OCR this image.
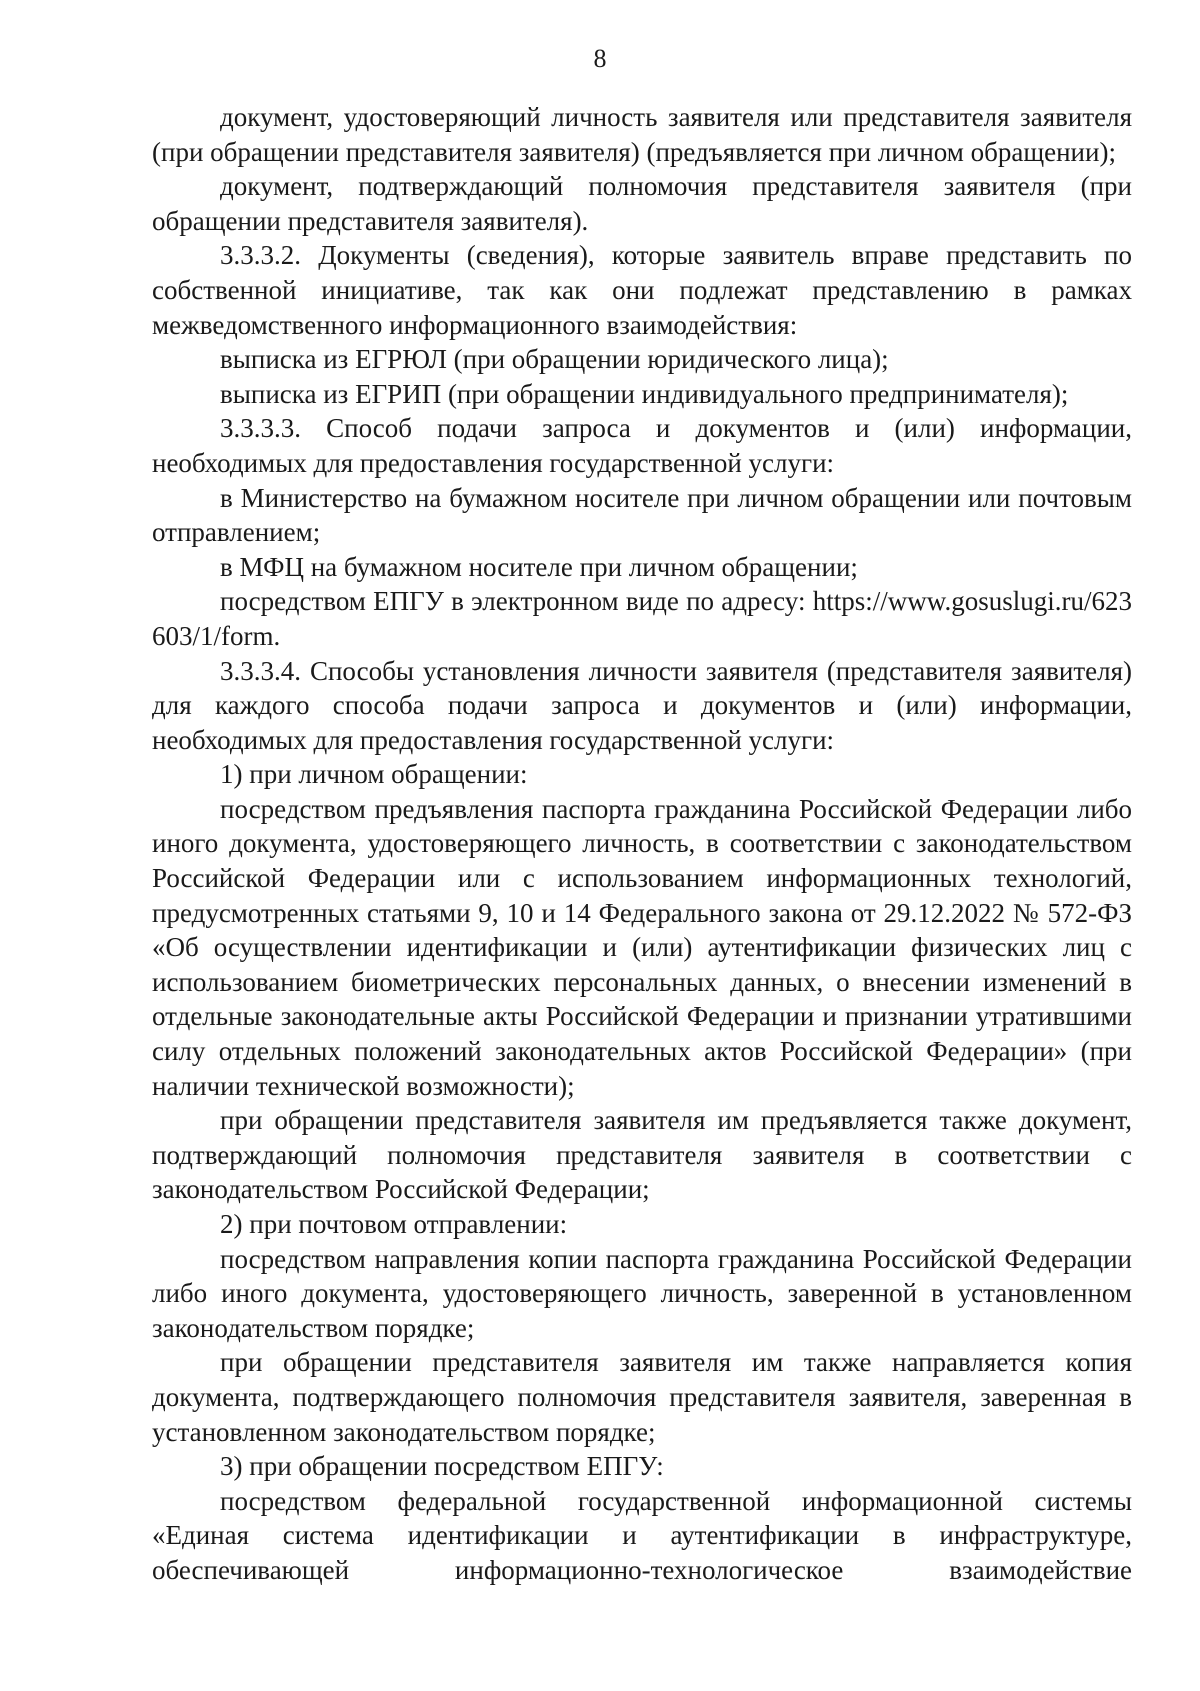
8

документ, удостоверяющий личность заявителя или представителя заявителя (при обращении представителя заявителя) (предъявляется при личном обращении);

документ, подтверждающий полномочия представителя заявителя (при обращении представителя заявителя).

3.3.3.2. Документы (сведения), которые заявитель вправе представить по собственной инициативе, так как они подлежат представлению в рамках межведомственного информационного взаимодействия:

выписка из ЕГРЮЛ (при обращении юридического лица);

выписка из ЕГРИП (при обращении индивидуального предпринимателя);

3.3.3.3. Способ подачи запроса и документов и (или) информации, необходимых для предоставления государственной услуги:

в Министерство на бумажном носителе при личном обращении или почтовым отправлением;

в МФЦ на бумажном носителе при личном обращении;

посредством ЕПГУ в электронном виде по адресу: https://www.gosuslugi.ru/623603/1/form.

3.3.3.4. Способы установления личности заявителя (представителя заявителя) для каждого способа подачи запроса и документов и (или) информации, необходимых для предоставления государственной услуги:

1) при личном обращении:

посредством предъявления паспорта гражданина Российской Федерации либо иного документа, удостоверяющего личность, в соответствии с законодательством Российской Федерации или с использованием информационных технологий, предусмотренных статьями 9, 10 и 14 Федерального закона от 29.12.2022 № 572-ФЗ «Об осуществлении идентификации и (или) аутентификации физических лиц с использованием биометрических персональных данных, о внесении изменений в отдельные законодательные акты Российской Федерации и признании утратившими силу отдельных положений законодательных актов Российской Федерации» (при наличии технической возможности);

при обращении представителя заявителя им предъявляется также документ, подтверждающий полномочия представителя заявителя в соответствии с законодательством Российской Федерации;

2) при почтовом отправлении:

посредством направления копии паспорта гражданина Российской Федерации либо иного документа, удостоверяющего личность, заверенной в установленном законодательством порядке;

при обращении представителя заявителя им также направляется копия документа, подтверждающего полномочия представителя заявителя, заверенная в установленном законодательством порядке;

3) при обращении посредством ЕПГУ:

посредством федеральной государственной информационной системы «Единая система идентификации и аутентификации в инфраструктуре, обеспечивающей информационно-технологическое взаимодействие
